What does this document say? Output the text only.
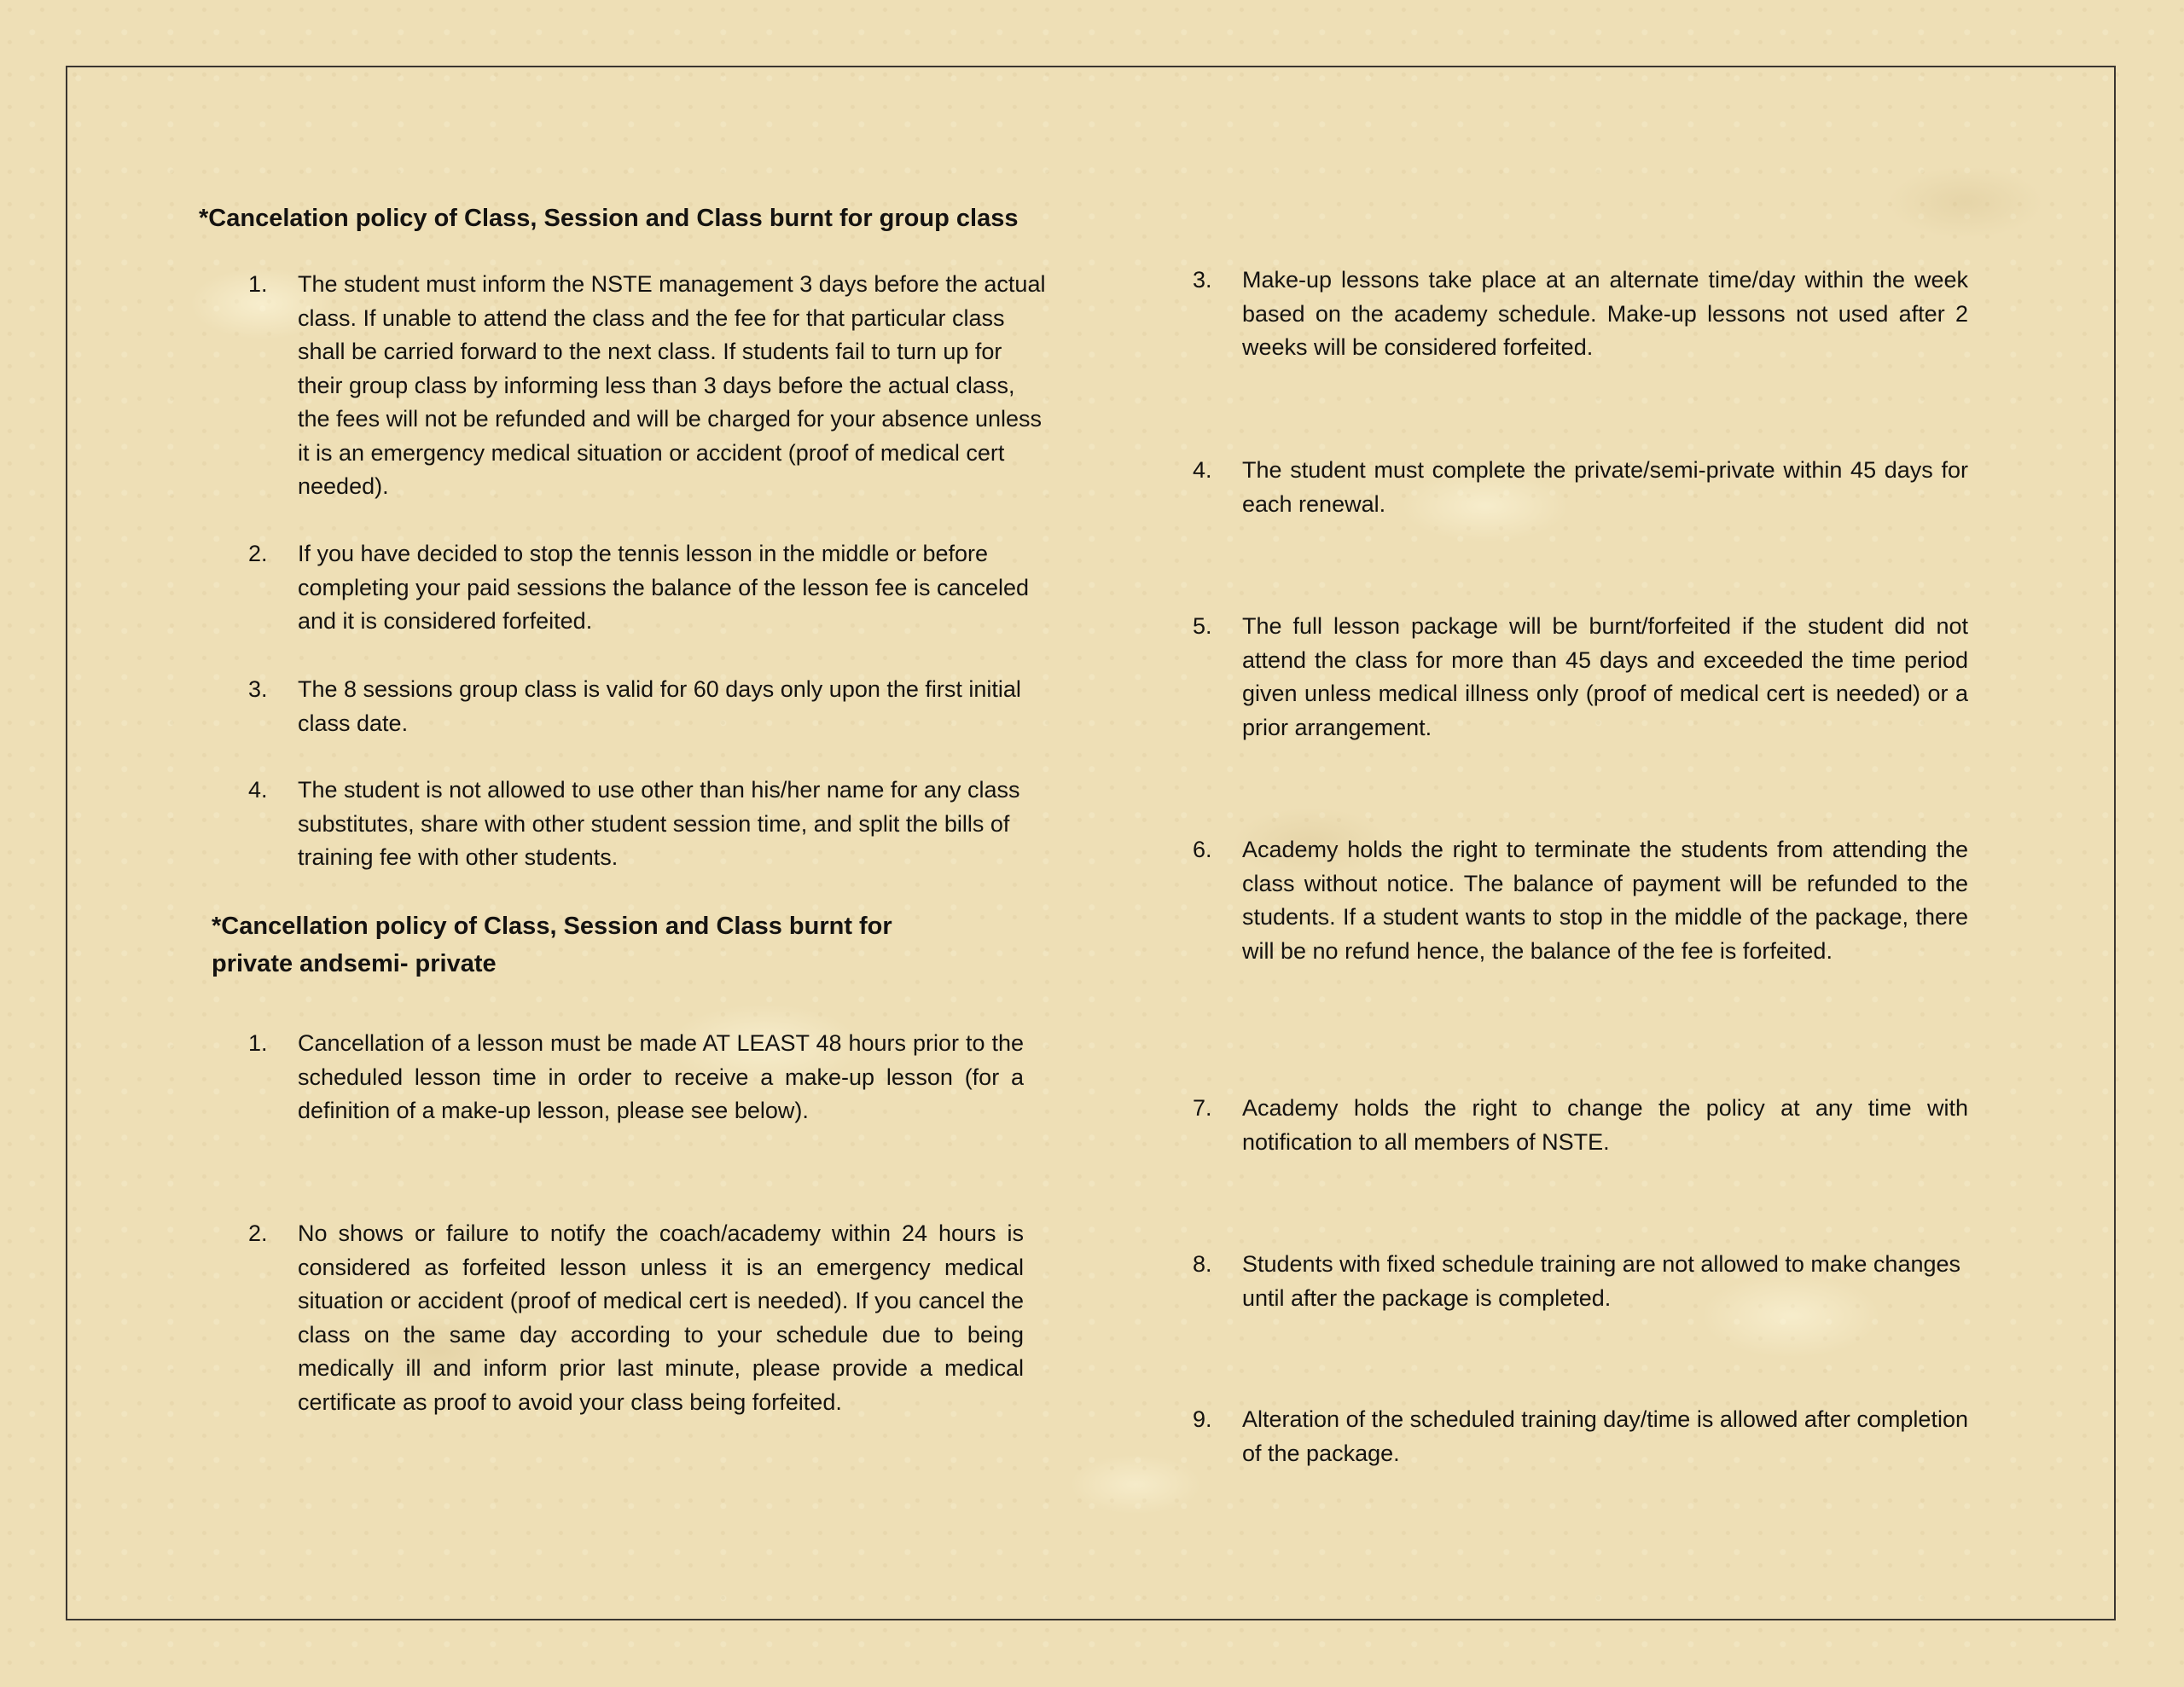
*Cancelation policy of Class, Session and Class burnt for group class
1.	The student must inform the NSTE management 3 days before the actual class. If unable to attend the class and the fee for that particular class shall be carried forward to the next class. If students fail to turn up for their group class by informing less than 3 days before the actual class, the fees will not be refunded and will be charged for your absence unless it is an emergency medical situation or accident (proof of medical cert needed).
2.	If you have decided to stop the tennis lesson in the middle or before completing your paid sessions the balance of the lesson fee is canceled and it is considered forfeited.
3.	The 8 sessions group class is valid for 60 days only upon the first initial class date.
4.	The student is not allowed to use other than his/her name for any class substitutes, share with other student session time, and split the bills of training fee with other students.
*Cancellation policy of Class, Session and Class burnt for
private andsemi- private
1.	Cancellation of a lesson must be made AT LEAST 48 hours prior to the scheduled lesson time in order to receive a make-up lesson (for a definition of a make-up lesson, please see below).
2.	No shows or failure to notify the coach/academy within 24 hours is considered as forfeited lesson unless it is an emergency medical situation or accident (proof of medical cert is needed). If you cancel the class on the same day according to your schedule due to being medically ill and inform prior last minute, please provide a medical certificate as proof to avoid your class being forfeited.
3.	Make-up lessons take place at an alternate time/day within the week based on the academy schedule. Make-up lessons not used after 2 weeks will be considered forfeited.
4.	The student must complete the private/semi-private within 45 days for each renewal.
5.	The full lesson package will be burnt/forfeited if the student did not attend the class for more than 45 days and exceeded the time period given unless medical illness only (proof of medical cert is needed) or a prior arrangement.
6.	Academy holds the right to terminate the students from attending the class without notice. The balance of payment will be refunded to the students. If a student wants to stop in the middle of the package, there will be no refund hence, the balance of the fee is forfeited.
7.	Academy holds the right to change the policy at any time with notification to all members of NSTE.
8.	Students with fixed schedule training are not allowed to make changes until after the package is completed.
9.	Alteration of the scheduled training day/time is allowed after completion of the package.
